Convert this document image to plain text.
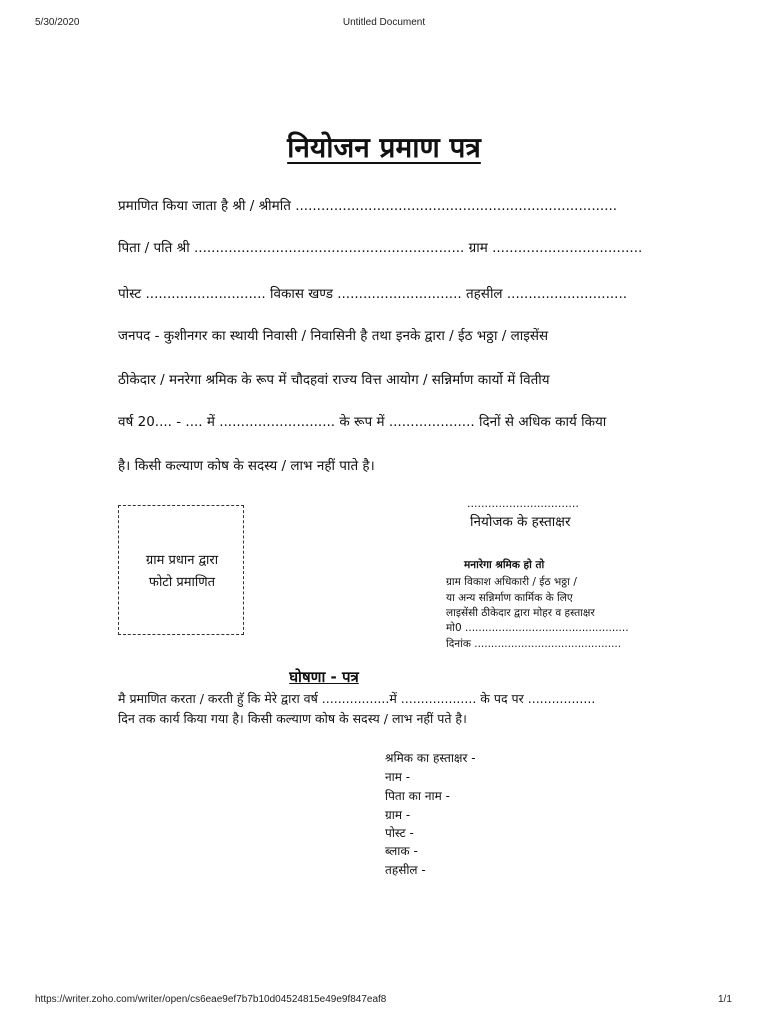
5/30/2020	Untitled Document
नियोजन प्रमाण पत्र
प्रमाणित किया जाता है श्री / श्रीमति ...........................................................................
पिता / पति श्री ............................................................... ग्राम ...................................
पोस्ट ............................ विकास खण्ड ............................. तहसील ............................
जनपद - कुशीनगर का स्थायी निवासी / निवासिनी है तथा इनके द्वारा / ईठ भठ्ठा / लाइसेंस
ठीकेदार / मनरेगा श्रमिक के रूप में चौदहवां राज्य वित्त आयोग / सन्निर्माण कार्यो में वितीय
वर्ष 20.... - .... में ........................... के रूप में .................... दिनों से अधिक कार्य किया
है। किसी कल्याण कोष के सदस्य / लाभ नहीं पाते है।
................................
नियोजक के हस्ताक्षर
ग्राम प्रधान द्वारा
फोटो प्रमाणित
मनारेगा श्रमिक हो तो
ग्राम विकाश अधिकारी / ईठ भठ्ठा /
या अन्य सन्निर्माण कार्मिक के लिए
लाइसेंसी ठीकेदार द्वारा मोहर व हस्ताक्षर
मो0 .................................................
दिनांक ............................................
घोषणा - पत्र
मै प्रमाणित करता / करती हुॅ कि मेरे द्वारा वर्ष .................में ................... के पद पर .................
दिन तक कार्य किया गया है। किसी कल्याण कोष के सदस्य / लाभ नहीं पते है।
श्रमिक का हस्ताक्षर -
नाम -
पिता का नाम -
ग्राम -
पोस्ट -
ब्लाक -
तहसील -
https://writer.zoho.com/writer/open/cs6eae9ef7b7b10d04524815e49e9f847eaf8	1/1
